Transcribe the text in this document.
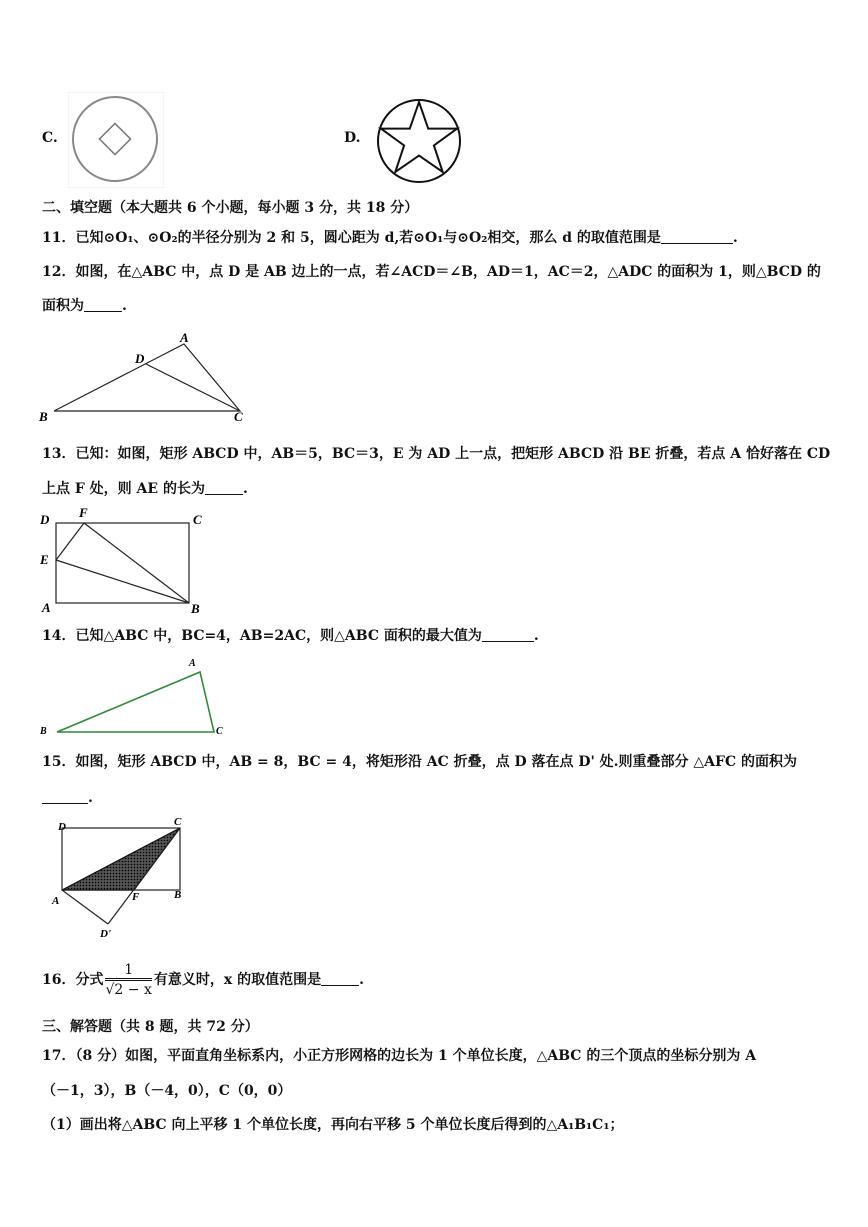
C.	D.
二、填空题（本大题共 6 个小题，每小题 3 分，共 18 分）
11．已知⊙O₁、⊙O₂的半径分别为 2 和 5，圆心距为 d,若⊙O₁与⊙O₂相交，那么 d 的取值范围是	.
12．如图，在△ABC 中，点 D 是 AB 边上的一点，若∠ACD＝∠B，AD＝1，AC＝2，△ADC 的面积为 1，则△BCD 的
面积为	.
A
D
B	C
13．已知：如图，矩形 ABCD 中，AB＝5，BC＝3，E 为 AD 上一点，把矩形 ABCD 沿 BE 折叠，若点 A 恰好落在 CD
上点 F 处，则 AE 的长为	.
D F	C
E
A	B
14．已知△ABC 中，BC=4，AB=2AC，则△ABC 面积的最大值为	.
A
B	C
15．如图，矩形 ABCD 中，AB = 8，BC = 4，将矩形沿 AC 折叠，点 D 落在点 D' 处.则重叠部分 △AFC 的面积为
.
D	C
A	F	B
D'
16．分式 $\frac{1}{√2 - x}$ 有意义时，x 的取值范围是	.
三、解答题（共 8 题，共 72 分）
17．（8 分）如图，平面直角坐标系内，小正方形网格的边长为 1 个单位长度，△ABC 的三个顶点的坐标分别为 A
（－1，3），B（－4，0），C（0，0）
（1）画出将△ABC 向上平移 1 个单位长度，再向右平移 5 个单位长度后得到的△A₁B₁C₁；
